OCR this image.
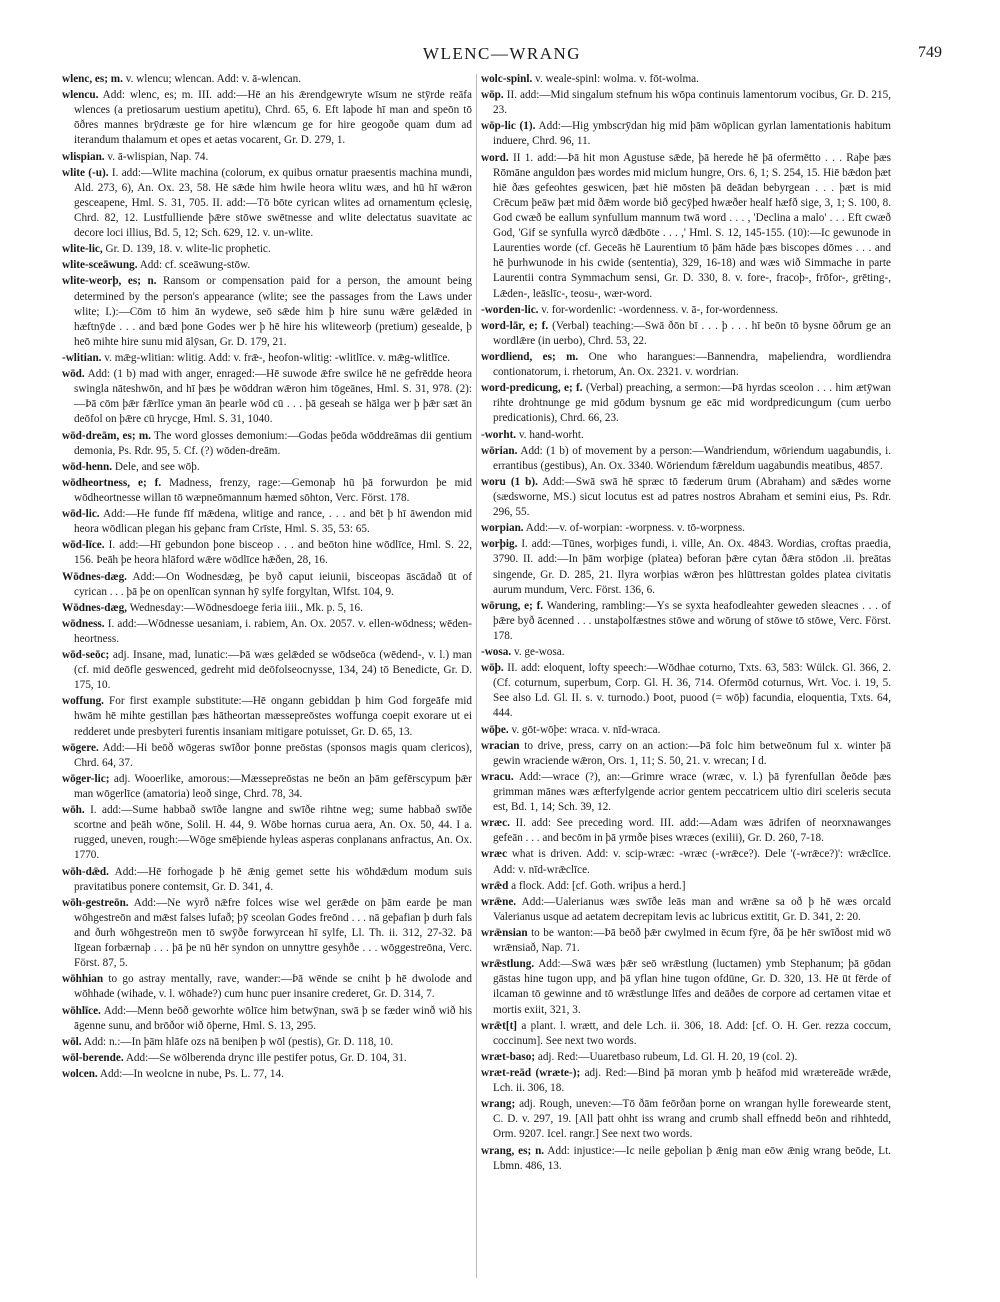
WLENC—WRANG	749

wlenc, es; m. v. wlencu; wlencan. Add: v. ā-wlencan.

wlencu. Add: wlenc, es; m. III. add:—Hē an his ǣrendgewryte wīsum ne stȳrde reāfa wlences (a pretiosarum uestium apetitu), Chrd. 65, 6. Eft laþode hī man and speōn tō ōðres mannes brȳdræste ge for hire wlæncum ge for hire geogoðe quam dum ad iterandum thalamum et opes et aetas vocarent, Gr. D. 279, 1.

wlispian. v. ā-wlispian, Nap. 74.

wlite (-u). I. add:—Wlite machina (colorum, ex quibus ornatur praesentis machina mundi, Ald. 273, 6), An. Ox. 23, 58. Hē sǣde him hwile heora wlitu wæs, and hū hī wǣron gesceapene, Hml. S. 31, 705. II. add:—Tō bōte cyrican wlites ad ornamentum ęclesię, Chrd. 82, 12. Lustfulliende þǣre stōwe swētnesse and wlite delectatus suavitate ac decore loci illius, Bd. 5, 12; Sch. 629, 12. v. un-wlite.

wlite-lic, Gr. D. 139, 18. v. wlite-lic prophetic.

wlite-sceāwung. Add: cf. sceāwung-stōw.

wlite-weorþ, es; n. Ransom or compensation paid for a person, the amount being determined by the person's appearance (wlite; see the passages from the Laws under wlite; I.):—Cōm tō him ān wydewe, seō sǣde him þ hire sunu wǣre gelǣded in hæftnȳde . . . and bæd þone Godes wer þ hē hire his wliteweorþ (pretium) gesealde, þ heō mihte hire sunu mid ālȳsan, Gr. D. 179, 21.

-wlitian. v. mǣg-wlitian: wlitig. Add: v. frǣ-, heofon-wlitig: -wlitlīce. v. mǣg-wlitlīce.

wōd. Add: (1 b) mad with anger, enraged:—Hē suwode ǣfre swilce hē ne gefrēdde heora swingla nāteshwōn, and hī þæs þe wōddran wǣron him tōgeānes, Hml. S. 31, 978. (2):—Þā cōm þǣr fǣrlīce yman ān þearle wōd cū . . . þā geseah se hālga wer þ þǣr sæt ān deōfol on þǣre cū hrycge, Hml. S. 31, 1040.

wōd-dreām, es; m. The word glosses demonium:—Godas þeōda wōddreāmas dii gentium demonia, Ps. Rdr. 95, 5. Cf. (?) wōden-dreām.

wōd-henn. Dele, and see wōþ.

wōdheortness, e; f. Madness, frenzy, rage:—Gemonaþ hū þā forwurdon þe mid wōdheortnesse willan tō wæpneōmannum hæmed sōhton, Verc. Först. 178.

wōd-lic. Add:—He funde fīf mǣdena, wlitige and rance, . . . and bēt þ hī āwendon mid heora wōdlican plegan his geþanc fram Crīste, Hml. S. 35, 53: 65.

wōd-līce. I. add:—Hī gebundon þone bisceop . . . and beōton hine wōdlīce, Hml. S. 22, 156. Þeāh þe heora hlāford wǣre wōdlīce hǣðen, 28, 16.

Wōdnes-dæg. Add:—On Wodnesdæg, þe byð caput ieiunii, bisceopas āscādað ūt of cyrican . . . þā þe on openlīcan synnan hȳ sylfe forgyltan, Wlfst. 104, 9.

Wōdnes-dæg, Wednesday:—Wōdnesdoege feria iiii., Mk. p. 5, 16.

wōdness. I. add:—Wōdnesse uesaniam, i. rabiem, An. Ox. 2057. v. ellen-wōdness; wēden-heortness.

wōd-seōc; adj. Insane, mad, lunatic:—Þā wæs gelǣded se wōdseōca (wēdend-, v. l.) man (cf. mid deōfle geswenced, gedreht mid deōfolseocnysse, 134, 24) tō Benedicte, Gr. D. 175, 10.

woffung. For first example substitute:—Hē ongann gebiddan þ him God forgeāfe mid hwām hē mihte gestillan þæs hātheortan mæssepreōstes woffunga coepit exorare ut ei redderet unde presbyteri furentis insaniam mitigare potuisset, Gr. D. 65, 13.

wōgere. Add:—Hi beōð wōgeras swīðor þonne preōstas (sponsos magis quam clericos), Chrd. 64, 37.

wōger-lic; adj. Wooerlike, amorous:—Mæssepreōstas ne beōn an þām gefērscypum þǣr man wōgerlīce (amatoria) leoð singe, Chrd. 78, 34.

wōh. I. add:—Sume habbað swīðe langne and swīðe rihtne weg; sume habbað swīðe scortne and þeāh wōne, Solil. H. 44, 9. Wōbe hornas curua aera, An. Ox. 50, 44. I a. rugged, uneven, rough:—Wōge smēþiende hyleas asperas conplanans anfractus, An. Ox. 1770.

wōh-dǣd. Add:—Hē forhogade þ hē ǣnig gemet sette his wōhdǣdum modum suis pravitatibus ponere contemsit, Gr. D. 341, 4.

wōh-gestreōn. Add:—Ne wyrð nǣfre folces wise wel gerǣde on þām earde þe man wōhgestreōn and mǣst falses lufað; þȳ sceolan Godes freōnd . . . nā geþafian þ durh fals and ðurh wōhgestreōn men tō swȳðe forwyrcean hī sylfe, Ll. Th. ii. 312, 27-32. Þā līgean forbærnaþ . . . þā þe nū hēr syndon on unnyttre gesyhðe . . . wōggestreōna, Verc. Först. 87, 5.

wōhhian to go astray mentally, rave, wander:—Þā wēnde se cniht þ hē dwolode and wōhhade (wihade, v. l. wōhade?) cum hunc puer insanire crederet, Gr. D. 314, 7.

wōhlīce. Add:—Menn beōð geworhte wōlīce him betwȳnan, swā þ se fæder winð wið his āgenne sunu, and brōðor wið ōþerne, Hml. S. 13, 295.

wōl. Add: n.:—In þām hlāfe ozs nā beniþen þ wōl (pestis), Gr. D. 118, 10.

wōl-berende. Add:—Se wōlberenda drync ille pestifer potus, Gr. D. 104, 31.

wolcen. Add:—In weolcne in nube, Ps. L. 77, 14.

wolc-spinl. v. weale-spinl: wolma. v. fōt-wolma.

wōp. II. add:—Mid singalum stefnum his wōpa continuis lamentorum vocibus, Gr. D. 215, 23.

wōp-lic (1). Add:—Hig ymbscrȳdan hig mid þām wōplican gyrlan lamentationis habitum induere, Chrd. 96, 11.

word. II 1. add:—Þā hit mon Agustuse sǣde, þā herede hē þā ofermētto . . . Raþe þæs Rōmāne anguldon þæs wordes mid miclum hungre, Ors. 6, 1; S. 254, 15. Hiē bǣdon þæt hiē ðæs gefeohtes geswicen, þæt hiē mōsten þā deādan bebyrgean . . . þæt is mid Crēcum þeāw þæt mid ðǣm worde bið gecȳþed hwæðer healf hæfð sige, 3, 1; S. 100, 8. God cwæð be eallum synfullum mannum twā word . . . , 'Declina a malo' . . . Eft cwæð God, 'Gif se synfulla wyrcð dǣdbōte . . . ,' Hml. S. 12, 145-155. (10):—Ic gewunode in Laurenties worde (cf. Geceās hē Laurentium tō þām hāde þæs biscopes dōmes . . . and hē þurhwunode in his cwide (sententia), 329, 16-18) and wæs wið Simmache in parte Laurentii contra Symmachum sensi, Gr. D. 330, 8. v. fore-, fracoþ-, frōfor-, grēting-, Lǣden-, leāslīc-, teosu-, wær-word.

-worden-lic. v. for-wordenlic: -wordenness. v. ā-, for-wordenness.

word-lār, e; f. (Verbal) teaching:—Swā ðōn bī . . . þ . . . hī beōn tō bysne ōðrum ge an wordlǣre (in uerbo), Chrd. 53, 22.

wordliend, es; m. One who harangues:—Bannendra, maþeliendra, wordliendra contionatorum, i. rhetorum, An. Ox. 2321. v. wordrian.

word-predicung, e; f. (Verbal) preaching, a sermon:—Þā hyrdas sceolon . . . him ætȳwan rihte drohtnunge ge mid gōdum bysnum ge eāc mid wordpredicungum (cum uerbo predicationis), Chrd. 66, 23.

-worht. v. hand-worht.

wōrian. Add: (1 b) of movement by a person:—Wandriendum, wōriendum uagabundis, i. errantibus (gestibus), An. Ox. 3340. Wōriendum fǣreldum uagabundis meatibus, 4857.

woru (1 b). Add:—Swā swā hē spræc tō fæderum ūrum (Abraham) and sǣdes worne (sædsworne, MS.) sicut locutus est ad patres nostros Abraham et semini eius, Ps. Rdr. 296, 55.

worpian. Add:—v. of-worpian: -worpness. v. tō-worpness.

worþig. I. add:—Tūnes, worþiges fundi, i. ville, An. Ox. 4843. Wordias, croftas praedia, 3790. II. add:—In þām worþige (platea) beforan þǣre cytan ðǣra stōdon .ii. þreātas singende, Gr. D. 285, 21. Ilyra worþias wǣron þes hlūttrestan goldes platea civitatis aurum mundum, Verc. Först. 136, 6.

wōrung, e; f. Wandering, rambling:—Ys se syxta heafodleahter geweden sleacnes . . . of þǣre byð ācenned . . . unstaþolfæstnes stōwe and wōrung of stōwe tō stōwe, Verc. Först. 178.

-wosa. v. ge-wosa.

wōþ. II. add: eloquent, lofty speech:—Wōdhae coturno, Txts. 63, 583: Wülck. Gl. 366, 2. (Cf. coturnum, superbum, Corp. Gl. H. 36, 714. Ofermōd coturnus, Wrt. Voc. i. 19, 5. See also Ld. Gl. II. s. v. turnodo.) Þoot, puood (= wōþ) facundia, eloquentia, Txts. 64, 444.

wōþe. v. gōt-wōþe: wraca. v. nīd-wraca.

wracian to drive, press, carry on an action:—Þā folc him betweōnum ful x. winter þā gewin wraciende wǣron, Ors. 1, 11; S. 50, 21. v. wrecan; I d.

wracu. Add:—wrace (?), an:—Grimre wrace (wræc, v. l.) þā fyrenfullan ðeōde þæs grimman mānes wæs æfterfylgende acrior gentem peccatricem ultio diri sceleris secuta est, Bd. 1, 14; Sch. 39, 12.

wræc. II. add: See preceding word. III. add:—Adam wæs ādrifen of neorxnawanges gefeān . . . and becōm in þā yrmðe þises wræces (exilii), Gr. D. 260, 7-18.

wræc what is driven. Add: v. scip-wræc: -wræc (-wrǣce?). Dele '(-wrǣce?)': wrǣclīce. Add: v. nīd-wrǣclīce.

wrǣd a flock. Add: [cf. Goth. wriþus a herd.]

wrǣne. Add:—Ualerianus wæs swīðe leās man and wrǣne sa oð þ hē wæs orcald Valerianus usque ad aetatem decrepitam levis ac lubricus extitit, Gr. D. 341, 2: 20.

wrǣnsian to be wanton:—Þā beōð þǣr cwylmed in ēcum fȳre, ðā þe hēr swīðost mid wō wrǣnsiað, Nap. 71.

wrǣstlung. Add:—Swā wæs þǣr seō wrǣstlung (luctamen) ymb Stephanum; þā gōdan gāstas hine tugon upp, and þā yflan hine tugon ofdūne, Gr. D. 320, 13. Hē ūt fērde of ilcaman tō gewinne and tō wrǣstlunge līfes and deāðes de corpore ad certamen vitae et mortis exiit, 321, 3.

wrǣt[t] a plant. l. wrætt, and dele Lch. ii. 306, 18. Add: [cf. O. H. Ger. rezza coccum, coccinum]. See next two words.

wræt-baso; adj. Red:—Uuaretbaso rubeum, Ld. Gl. H. 20, 19 (col. 2).

wræt-reād (wræte-); adj. Red:—Bind þā moran ymb þ heāfod mid wrætereāde wrǣde, Lch. ii. 306, 18.

wrang; adj. Rough, uneven:—Tō ðām feōrðan þorne on wrangan hylle forewearde stent, C. D. v. 297, 19. [All þatt ohht iss wrang and crumb shall effnedd beōn and rihhtedd, Orm. 9207. Icel. rangr.] See next two words.

wrang, es; n. Add: injustice:—Ic neile geþolian þ ǣnig man eōw ǣnig wrang beōde, Lt. Lbmn. 486, 13.
